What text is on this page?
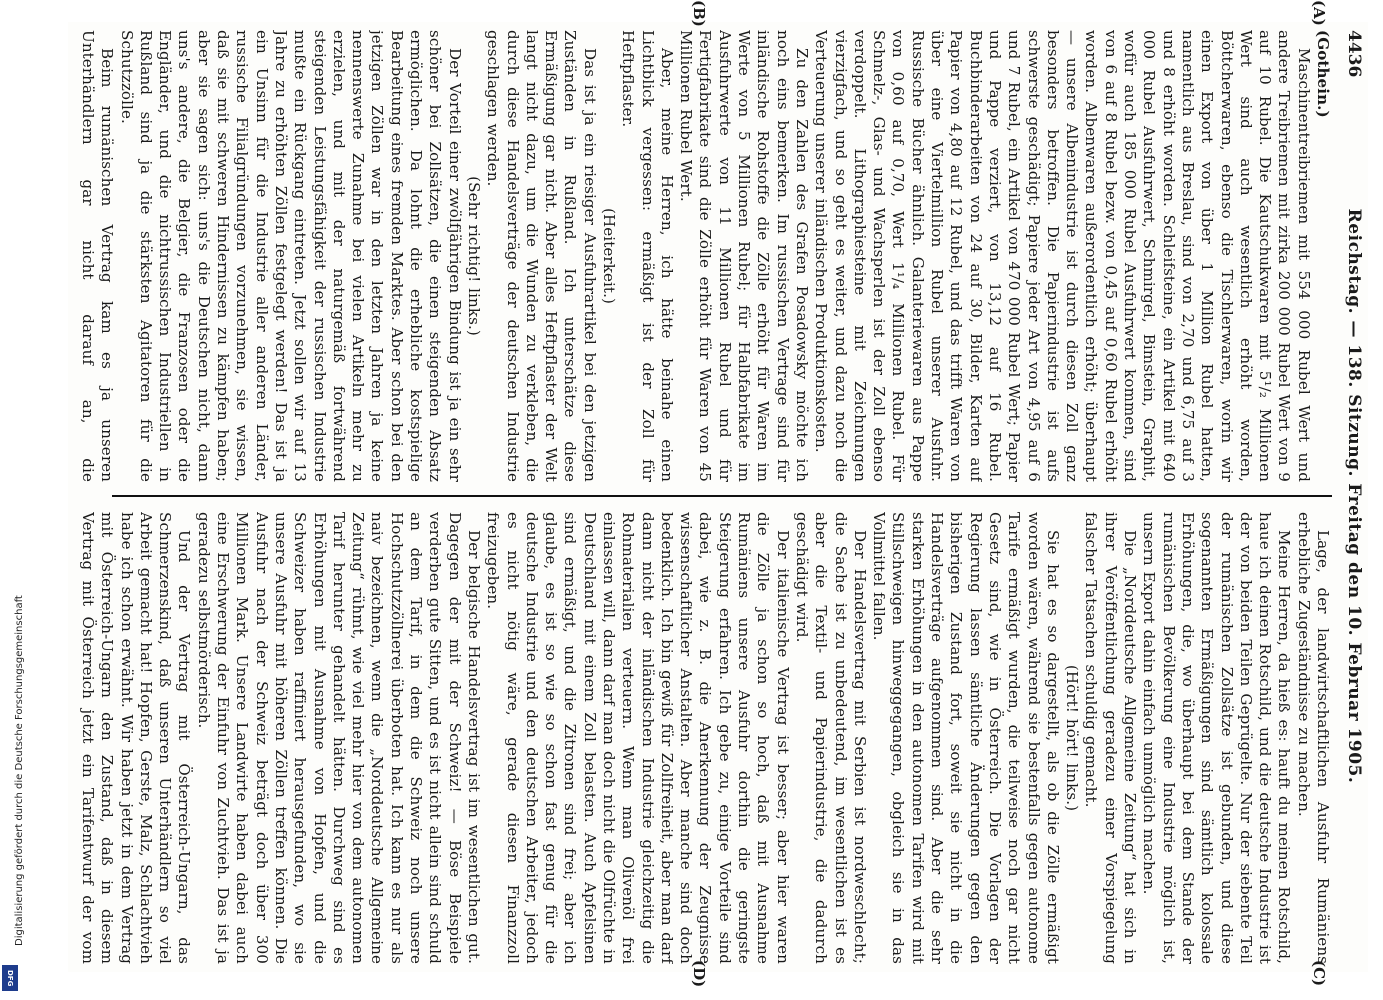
4436
Reichstag. — 138. Sitzung. Freitag den 10. Februar 1905.

(Gothein.)

Maschinentreibriemen mit 554 000 Rubel Wert und andere Treibriemen mit zirka 200 000 Rubel Wert von 9 auf 10 Rubel. Die Kautschukwaren mit 5¹/₂ Millionen Wert sind auch wesentlich erhöht worden, Böttcherwaren, ebenso die Tischlerwaren, worin wir einen Export von über 1 Million Rubel hatten, namentlich aus Breslau, sind von 2,70 und 6,75 auf 3 und 8 erhöht worden. Schleifsteine, ein Artikel mit 640 000 Rubel Ausfuhrwert, Schmirgel, Bimstein, Graphit, wofür auch 185 000 Rubel Ausfuhrwert kommen, sind von 6 auf 8 Rubel bezw. von 0,45 auf 0,60 Rubel erhöht worden. Albenwaren außerordentlich erhöht; überhaupt — unsere Albenindustrie ist durch diesen Zoll ganz besonders betroffen. Die Papierindustrie ist aufs schwerste geschädigt; Papiere jeder Art von 4,95 auf 6 und 7 Rubel, ein Artikel von 470 000 Rubel Wert; Papier und Pappe verziert, von 13,12 auf 16 Rubel. Buchbinderarbeiten von 24 auf 30, Bilder, Karten auf Papier von 4,80 auf 12 Rubel, und das trifft Waren von über eine Viertelmillion Rubel unserer Ausfuhr. Russische Bücher ähnlich. Galanteriewaren aus Pappe von 0,60 auf 0,70, Wert 1¹/₄ Millionen Rubel. Für Schmelz-, Glas- und Wachsperlen ist der Zoll ebenso verdoppelt. Lithographiesteine mit Zeichnungen vierzigfach, und so geht es weiter, und dazu noch die Verteuerung unserer inländischen Produktionskosten.

Zu den Zahlen des Grafen Posadowsky möchte ich noch eins bemerken. Im russischen Vertrage sind für inländische Rohstoffe die Zölle erhöht für Waren im Werte von 5 Millionen Rubel; für Halbfabrikate im Ausfuhrwerte von 11 Millionen Rubel und für Fertigfabrikate sind die Zölle erhöht für Waren von 45 Millionen Rubel Wert.

Aber, meine Herren, ich hätte beinahe einen Lichtblick vergessen: ermäßigt ist der Zoll für Heftpflaster.

(Heiterkeit.)

Das ist ja ein riesiger Ausfuhrartikel bei den jetzigen Zuständen in Rußland. Ich unterschätze diese Ermäßigung gar nicht. Aber alles Heftpflaster der Welt langt nicht dazu, um die Wunden zu verkleben, die durch diese Handelsverträge der deutschen Industrie geschlagen werden.

(Sehr richtig! links.)

Der Vorteil einer zwölfjährigen Bindung ist ja ein sehr schöner bei Zollsätzen, die einen steigenden Absatz ermöglichen. Da lohnt die erhebliche kostspielige Bearbeitung eines fremden Marktes. Aber schon bei den jetzigen Zöllen war in den letzten Jahren ja keine nennenswerte Zunahme bei vielen Artikeln mehr zu erzielen, und mit der naturgemäß fortwährend steigenden Leistungsfähigkeit der russischen Industrie mußte ein Rückgang eintreten. Jetzt sollen wir auf 13 Jahre zu erhöhten Zöllen festgelegt werden! Das ist ja ein Unsinn für die Industrie aller anderen Länder, russische Filialgründungen vorzunehmen, sie wissen, daß sie mit schweren Hindernissen zu kämpfen haben; aber sie sagen sich: uns's die Deutschen nicht, dann uns's andere, die Belgier, die Franzosen oder die Engländer, und die nichtrussischen Industriellen in Rußland sind ja die stärksten Agitatoren für die Schutzzölle.

Beim rumänischen Vertrag kam es ja unseren Unterhändlern gar nicht darauf an, die

Lage, der landwirtschaftlichen Ausfuhr Rumäniens erhebliche Zugeständnisse zu machen.

Meine Herren, da hieß es: hauft du meinen Rotschild, haue ich deinen Rotschild, und die deutsche Industrie ist der von beiden Teilen Geprügelte. Nur der siebente Teil der rumänischen Zollsätze ist gebunden, und diese sogenannten Ermäßigungen sind sämtlich kolossale Erhöhungen, die, wo überhaupt bei dem Stande der rumänischen Bevölkerung eine Industrie möglich ist, unsern Export dahin einfach unmöglich machen.

Die „Norddeutsche Allgemeine Zeitung“ hat sich in ihrer Veröffentlichung geradezu einer Vorspiegelung falscher Tatsachen schuldig gemacht.

(Hört! hört! links.)

Sie hat es so dargestellt, als ob die Zölle ermäßigt worden wären, während sie bestenfalls gegen autonome Tarife ermäßigt wurden, die teilweise noch gar nicht Gesetz sind, wie in Österreich. Die Vorlagen der Regierung lassen sämtliche Änderungen gegen den bisherigen Zustand fort, soweit sie nicht in die Handelsverträge aufgenommen sind. Aber die sehr starken Erhöhungen in den autonomen Tarifen wird mit Stillschweigen hinweggegangen, obgleich sie in das Vollmittel fallen.

Der Handelsvertrag mit Serbien ist nordweschlecht; die Sache ist zu unbedeutend, im wesentlichen ist es aber die Textil- und Papierindustrie, die dadurch geschädigt wird.

Der italienische Vertrag ist besser; aber hier waren die Zölle ja schon so hoch, daß mit Ausnahme Rumäniens unsere Ausfuhr dorthin die geringste Steigerung erfahren. Ich gebe zu, einige Vorteile sind dabei, wie z. B. die Anerkennung der Zeugnisse wissenschaftlicher Anstalten. Aber manche sind doch bedenklich. Ich bin gewiß für Zollfreiheit, aber man darf dann nicht der inländischen Industrie gleichzeitig die Rohmaterialien verteuern. Wenn man Olivenöl frei einlassen will, dann darf man doch nicht die Olfrüchte in Deutschland mit einem Zoll belasten. Auch Apfelsinen sind ermäßigt, und die Zitronen sind frei; aber ich glaube, es ist so wie so schon fast genug für die deutsche Industrie und den deutschen Arbeiter, jedoch es nicht nötig wäre, gerade diesen Finanzzoll freizugeben.

Der belgische Handelsvertrag ist im wesentlichen gut. Dagegen der mit der Schweiz! — Böse Beispiele verderben gute Sitten, und es ist nicht allein sind schuld an dem Tarif, in dem die Schweiz noch unsere Hochschutzzöllnerei überboten hat. Ich kann es nur als naiv bezeichnen, wenn die „Norddeutsche Allgemeine Zeitung“ rühmt, wie viel mehr hier von dem autonomen Tarif herunter gehandelt hätten. Durchweg sind es Erhöhungen mit Ausnahme von Hopfen, und die Schweizer haben raffiniert herausgefunden, wo sie unsere Ausfuhr mit höheren Zöllen treffen können. Die Ausfuhr nach der Schweiz beträgt doch über 300 Millionen Mark. Unsere Landwirte haben dabei auch eine Erschwerung der Einfuhr von Zuchtvieh. Das ist ja geradezu selbstmörderisch.

Und der Vertrag mit Österreich-Ungarn, das Schmerzenskind, daß unseren Unterhändlern so viel Arbeit gemacht hat! Hopfen, Gerste, Malz, Schlachtvieh habe ich schon erwähnt. Wir haben jetzt in dem Vertrag mit Österreich-Ungarn den Zustand, daß in diesem Vertrag mit Österreich jetzt ein Tarifentwurf der vom

(A)
(B)
(C)
(D)
Digitalisierung gefördert durch die Deutsche Forschungsgemeinschaft
DFG
